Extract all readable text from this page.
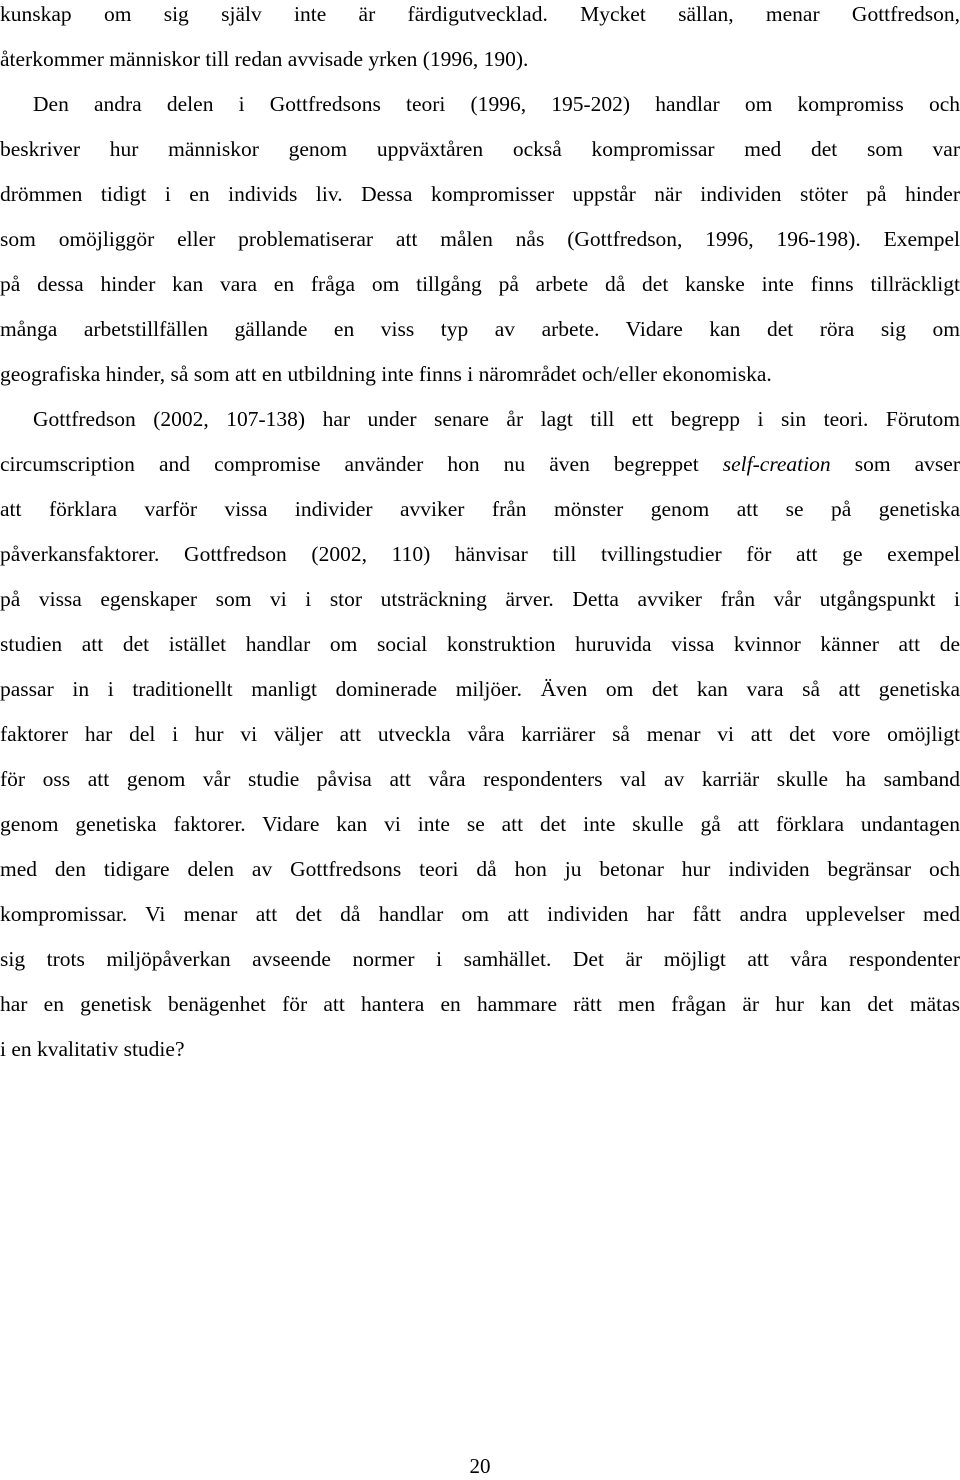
kunskap om sig själv inte är färdigutvecklad. Mycket sällan, menar Gottfredson,
återkommer människor till redan avvisade yrken (1996, 190).
Den andra delen i Gottfredsons teori (1996, 195-202) handlar om kompromiss och
beskriver hur människor genom uppväxtåren också kompromissar med det som var
drömmen tidigt i en individs liv. Dessa kompromisser uppstår när individen stöter på hinder
som omöjliggör eller problematiserar att målen nås (Gottfredson, 1996, 196-198). Exempel
på dessa hinder kan vara en fråga om tillgång på arbete då det kanske inte finns tillräckligt
många arbetstillfällen gällande en viss typ av arbete. Vidare kan det röra sig om
geografiska hinder, så som att en utbildning inte finns i närområdet och/eller ekonomiska.
Gottfredson (2002, 107-138) har under senare år lagt till ett begrepp i sin teori. Förutom
circumscription and compromise använder hon nu även begreppet self-creation som avser
att förklara varför vissa individer avviker från mönster genom att se på genetiska
påverkansfaktorer. Gottfredson (2002, 110) hänvisar till tvillingstudier för att ge exempel
på vissa egenskaper som vi i stor utsträckning ärver. Detta avviker från vår utgångspunkt i
studien att det istället handlar om social konstruktion huruvida vissa kvinnor känner att de
passar in i traditionellt manligt dominerade miljöer. Även om det kan vara så att genetiska
faktorer har del i hur vi väljer att utveckla våra karriärer så menar vi att det vore omöjligt
för oss att genom vår studie påvisa att våra respondenters val av karriär skulle ha samband
genom genetiska faktorer. Vidare kan vi inte se att det inte skulle gå att förklara undantagen
med den tidigare delen av Gottfredsons teori då hon ju betonar hur individen begränsar och
kompromissar. Vi menar att det då handlar om att individen har fått andra upplevelser med
sig trots miljöpåverkan avseende normer i samhället. Det är möjligt att våra respondenter
har en genetisk benägenhet för att hantera en hammare rätt men frågan är hur kan det mätas
i en kvalitativ studie?
20
